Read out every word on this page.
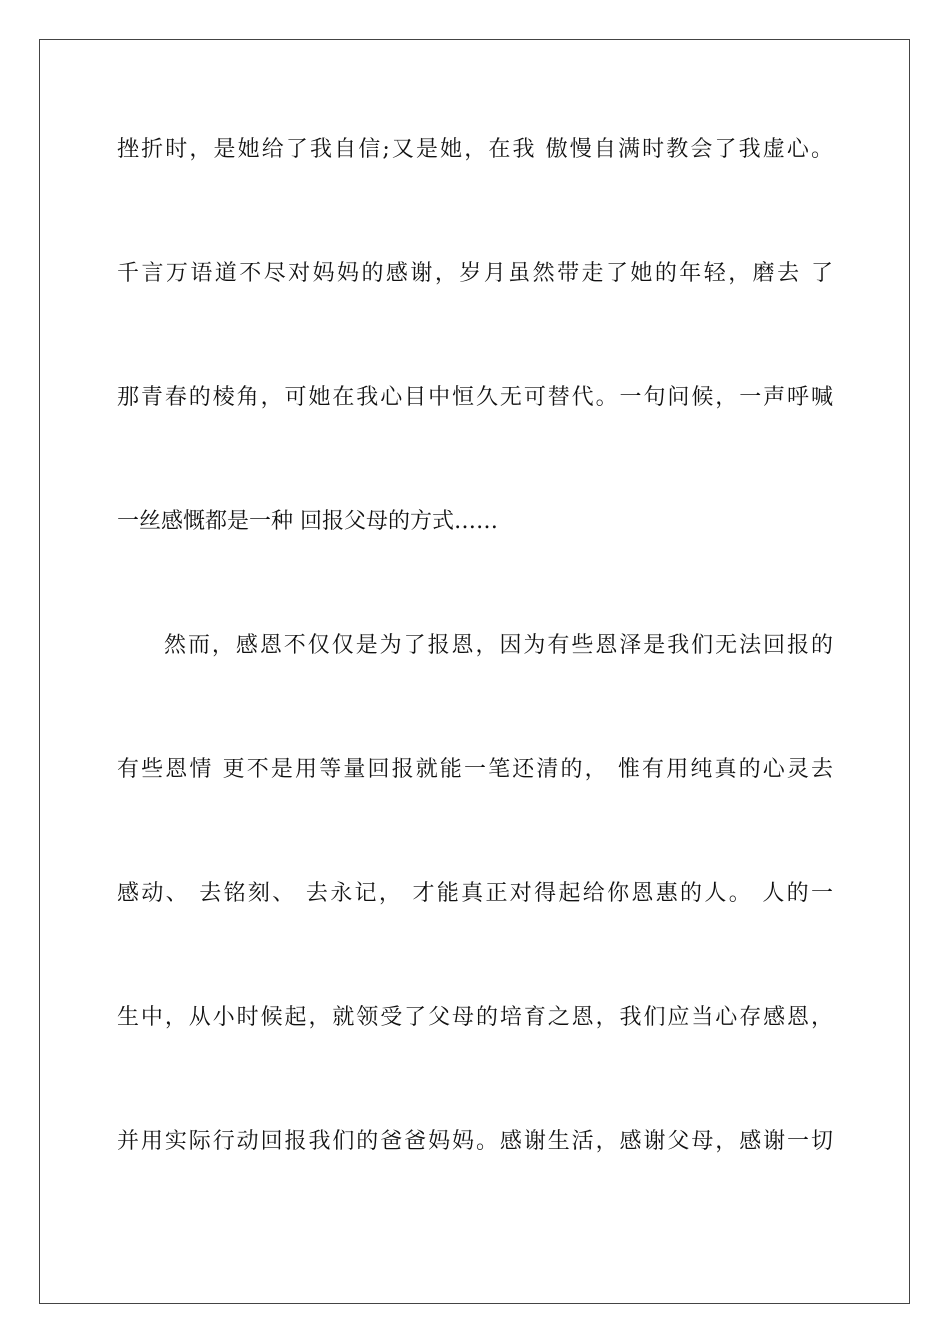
挫折时，是她给了我自信;又是她，在我 傲慢自满时教会了我虚心。
千言万语道不尽对妈妈的感谢，岁月虽然带走了她的年轻，磨去 了
那青春的棱角，可她在我心目中恒久无可替代。一句问候，一声呼喊
一丝感慨都是一种 回报父母的方式……
然而，感恩不仅仅是为了报恩，因为有些恩泽是我们无法回报的
有些恩情 更不是用等量回报就能一笔还清的， 惟有用纯真的心灵去
感动、 去铭刻、 去永记， 才能真正对得起给你恩惠的人。 人的一
生中，从小时候起，就领受了父母的培育之恩，我们应当心存感恩，
并用实际行动回报我们的爸爸妈妈。感谢生活，感谢父母，感谢一切
